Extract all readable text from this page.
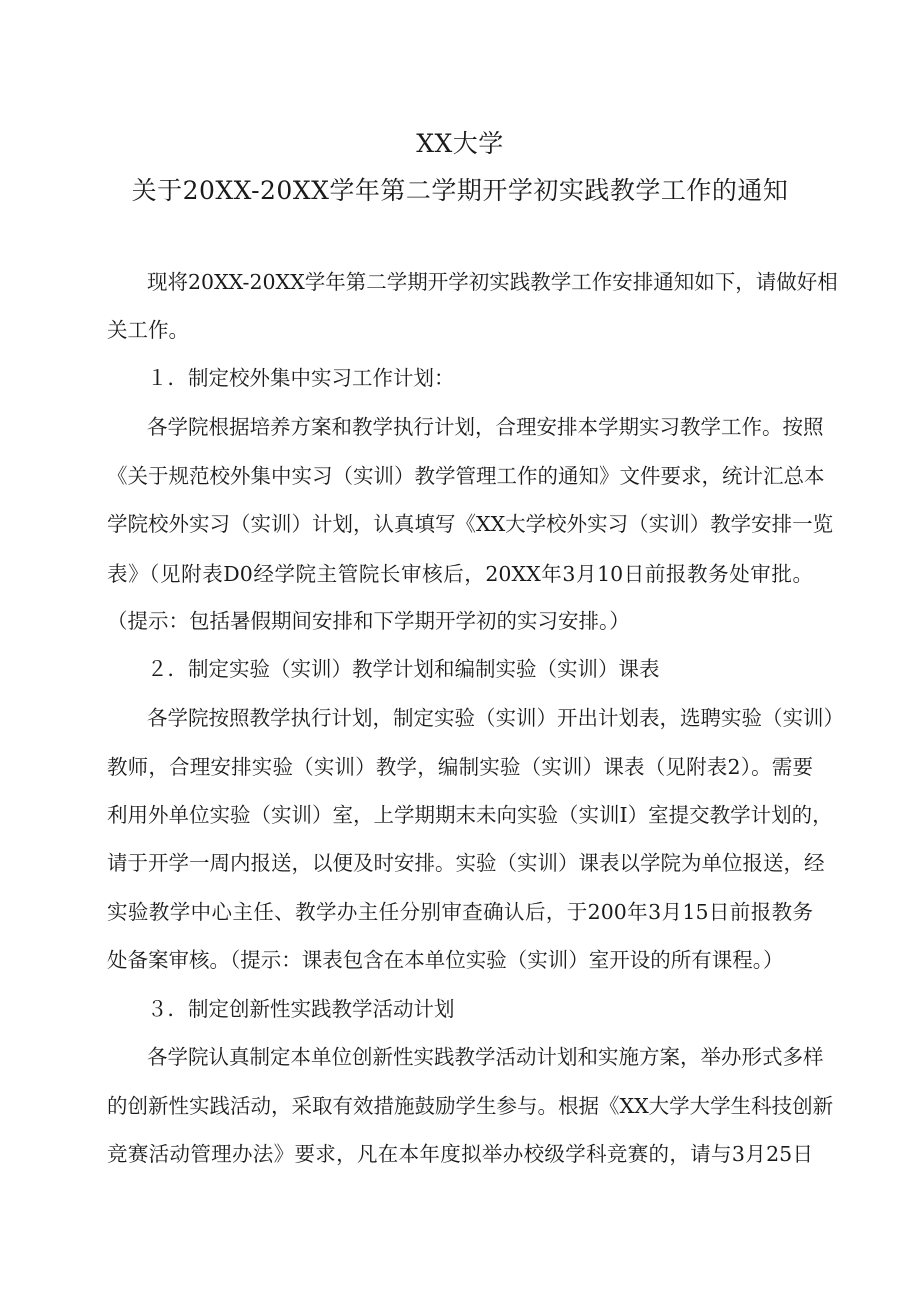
XX大学
关于20XX-20XX学年第二学期开学初实践教学工作的通知
现将20XX-20XX学年第二学期开学初实践教学工作安排通知如下，请做好相
关工作。
１．制定校外集中实习工作计划：
各学院根据培养方案和教学执行计划，合理安排本学期实习教学工作。按照
《关于规范校外集中实习（实训）教学管理工作的通知》文件要求，统计汇总本
学院校外实习（实训）计划，认真填写《XX大学校外实习（实训）教学安排一览
表》（见附表D0经学院主管院长审核后，20XX年3月10日前报教务处审批。
（提示：包括暑假期间安排和下学期开学初的实习安排。）
２．制定实验（实训）教学计划和编制实验（实训）课表
各学院按照教学执行计划，制定实验（实训）开出计划表，选聘实验（实训）
教师，合理安排实验（实训）教学，编制实验（实训）课表（见附表2）。需要
利用外单位实验（实训）室，上学期期末未向实验（实训I）室提交教学计划的，
请于开学一周内报送，以便及时安排。实验（实训）课表以学院为单位报送，经
实验教学中心主任、教学办主任分别审查确认后，于200年3月15日前报教务
处备案审核。（提示：课表包含在本单位实验（实训）室开设的所有课程。）
３．制定创新性实践教学活动计划
各学院认真制定本单位创新性实践教学活动计划和实施方案，举办形式多样
的创新性实践活动，采取有效措施鼓励学生参与。根据《XX大学大学生科技创新
竞赛活动管理办法》要求，凡在本年度拟举办校级学科竞赛的，请与3月25日
